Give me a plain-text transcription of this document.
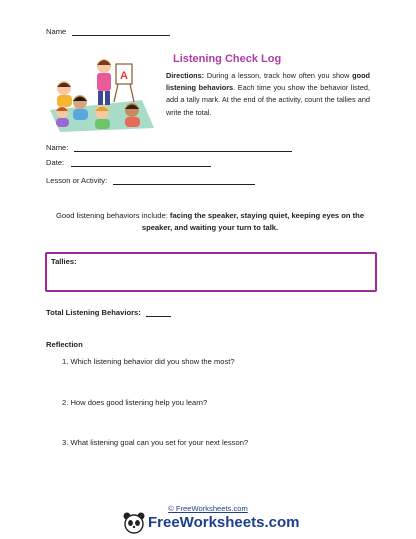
Name
A
Listening Check Log
Directions: During a lesson, track how often you show good listening behaviors. Each time you show the behavior listed, add a tally mark. At the end of the activity, count the tallies and write the total.
Name:
Date:
Lesson or Activity:
Good listening behaviors include: facing the speaker, staying quiet, keeping eyes on the speaker, and waiting your turn to talk.
Tallies:
Total Listening Behaviors:
Reflection
1. Which listening behavior did you show the most?
2. How does good listening help you learn?
3. What listening goal can you set for your next lesson?
© FreeWorksheets.com
FreeWorksheets.com
